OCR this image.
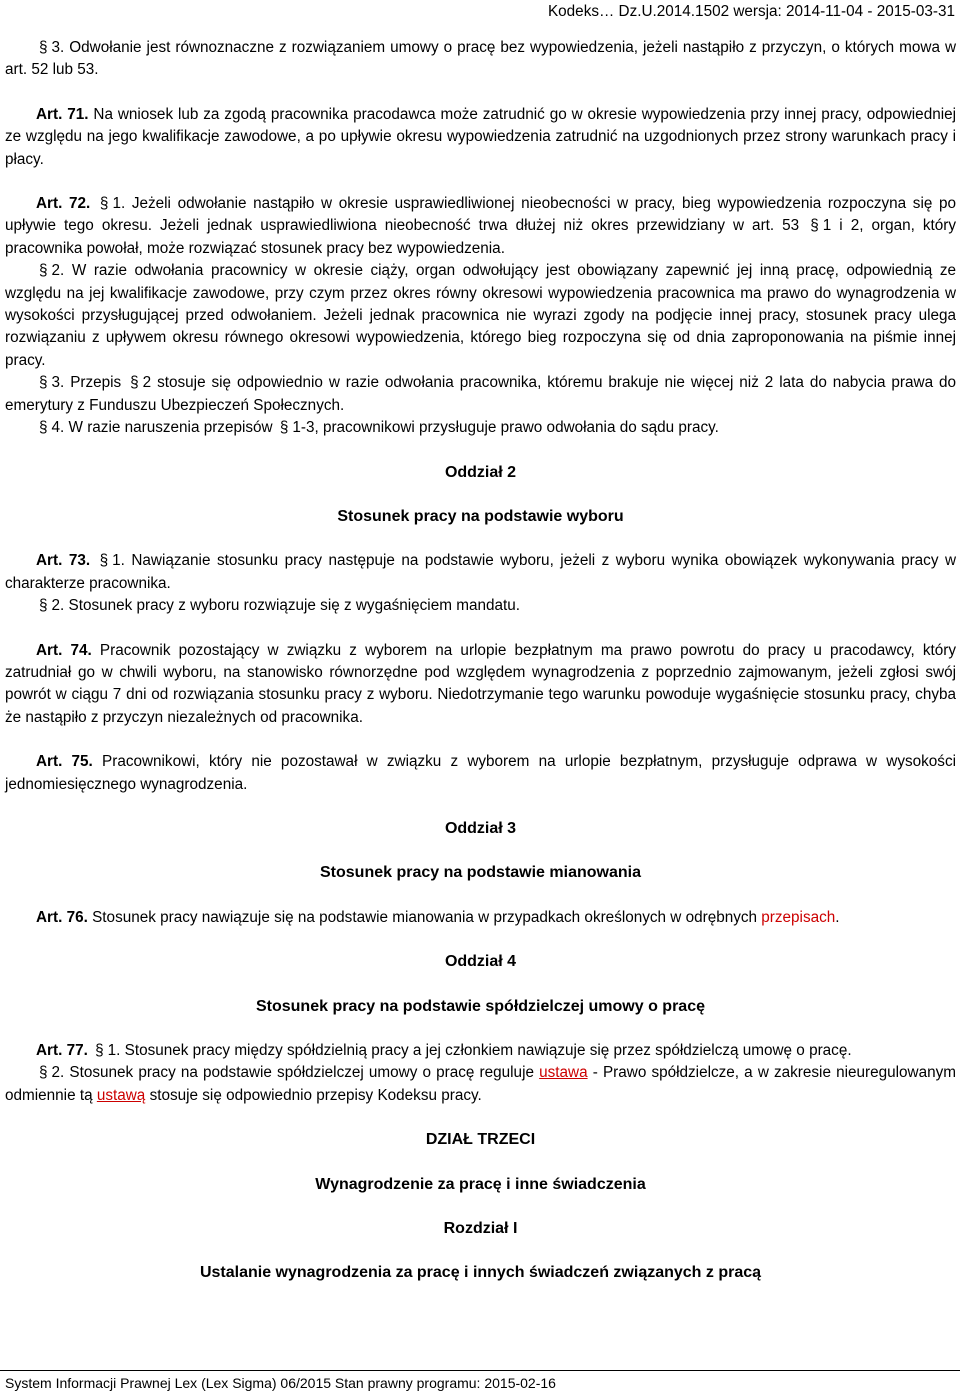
Kodeks… Dz.U.2014.1502 wersja: 2014-11-04 - 2015-03-31

§ 3. Odwołanie jest równoznaczne z rozwiązaniem umowy o pracę bez wypowiedzenia, jeżeli nastąpiło z przyczyn, o których mowa w art. 52 lub 53.

Art. 71. Na wniosek lub za zgodą pracownika pracodawca może zatrudnić go w okresie wypowiedzenia przy innej pracy, odpowiedniej ze względu na jego kwalifikacje zawodowe, a po upływie okresu wypowiedzenia zatrudnić na uzgodnionych przez strony warunkach pracy i płacy.

Art. 72. § 1. Jeżeli odwołanie nastąpiło w okresie usprawiedliwionej nieobecności w pracy, bieg wypowiedzenia rozpoczyna się po upływie tego okresu. Jeżeli jednak usprawiedliwiona nieobecność trwa dłużej niż okres przewidziany w art. 53 § 1 i 2, organ, który pracownika powołał, może rozwiązać stosunek pracy bez wypowiedzenia.

§ 2. W razie odwołania pracownicy w okresie ciąży, organ odwołujący jest obowiązany zapewnić jej inną pracę, odpowiednią ze względu na jej kwalifikacje zawodowe, przy czym przez okres równy okresowi wypowiedzenia pracownica ma prawo do wynagrodzenia w wysokości przysługującej przed odwołaniem. Jeżeli jednak pracownica nie wyrazi zgody na podjęcie innej pracy, stosunek pracy ulega rozwiązaniu z upływem okresu równego okresowi wypowiedzenia, którego bieg rozpoczyna się od dnia zaproponowania na piśmie innej pracy.

§ 3. Przepis § 2 stosuje się odpowiednio w razie odwołania pracownika, któremu brakuje nie więcej niż 2 lata do nabycia prawa do emerytury z Funduszu Ubezpieczeń Społecznych.

§ 4. W razie naruszenia przepisów § 1-3, pracownikowi przysługuje prawo odwołania do sądu pracy.

Oddział 2

Stosunek pracy na podstawie wyboru

Art. 73. § 1. Nawiązanie stosunku pracy następuje na podstawie wyboru, jeżeli z wyboru wynika obowiązek wykonywania pracy w charakterze pracownika.

§ 2. Stosunek pracy z wyboru rozwiązuje się z wygaśnięciem mandatu.

Art. 74. Pracownik pozostający w związku z wyborem na urlopie bezpłatnym ma prawo powrotu do pracy u pracodawcy, który zatrudniał go w chwili wyboru, na stanowisko równorzędne pod względem wynagrodzenia z poprzednio zajmowanym, jeżeli zgłosi swój powrót w ciągu 7 dni od rozwiązania stosunku pracy z wyboru. Niedotrzymanie tego warunku powoduje wygaśnięcie stosunku pracy, chyba że nastąpiło z przyczyn niezależnych od pracownika.

Art. 75. Pracownikowi, który nie pozostawał w związku z wyborem na urlopie bezpłatnym, przysługuje odprawa w wysokości jednomiesięcznego wynagrodzenia.

Oddział 3

Stosunek pracy na podstawie mianowania

Art. 76. Stosunek pracy nawiązuje się na podstawie mianowania w przypadkach określonych w odrębnych przepisach.

Oddział 4

Stosunek pracy na podstawie spółdzielczej umowy o pracę

Art. 77. § 1. Stosunek pracy między spółdzielnią pracy a jej członkiem nawiązuje się przez spółdzielczą umowę o pracę.

§ 2. Stosunek pracy na podstawie spółdzielczej umowy o pracę reguluje ustawa - Prawo spółdzielcze, a w zakresie nieuregulowanym odmiennie tą ustawą stosuje się odpowiednio przepisy Kodeksu pracy.

DZIAŁ TRZECI

Wynagrodzenie za pracę i inne świadczenia

Rozdział I

Ustalanie wynagrodzenia za pracę i innych świadczeń związanych z pracą

System Informacji Prawnej Lex (Lex Sigma) 06/2015 Stan prawny programu: 2015-02-16
